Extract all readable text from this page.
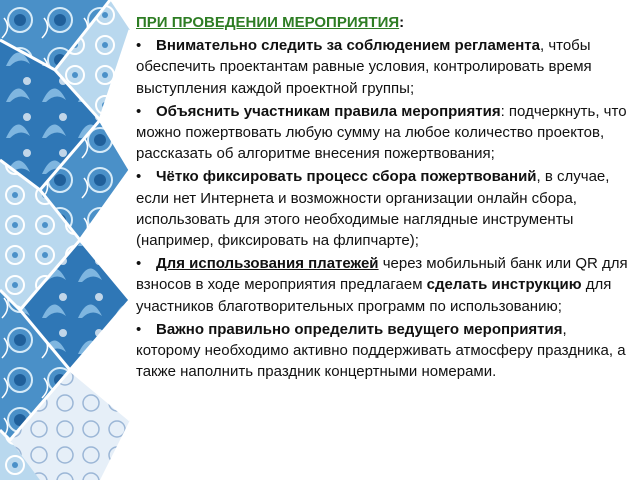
ПРИ ПРОВЕДЕНИИ МЕРОПРИЯТИЯ:
• Внимательно следить за соблюдением регламента, чтобы обеспечить проектантам равные условия, контролировать время выступления каждой проектной группы;
• Объяснить участникам правила мероприятия: подчеркнуть, что можно пожертвовать любую сумму на любое количество проектов, рассказать об алгоритме внесения пожертвования;
• Чётко фиксировать процесс сбора пожертвований, в случае, если нет Интернета и возможности организации онлайн сбора, использовать для этого необходимые наглядные инструменты (например, фиксировать на флипчарте);
• Для использования платежей через мобильный банк или QR для взносов в ходе мероприятия предлагаем сделать инструкцию для участников благотворительных программ по использованию;
• Важно правильно определить ведущего мероприятия, которому необходимо активно поддерживать атмосферу праздника, а также наполнить праздник концертными номерами.
